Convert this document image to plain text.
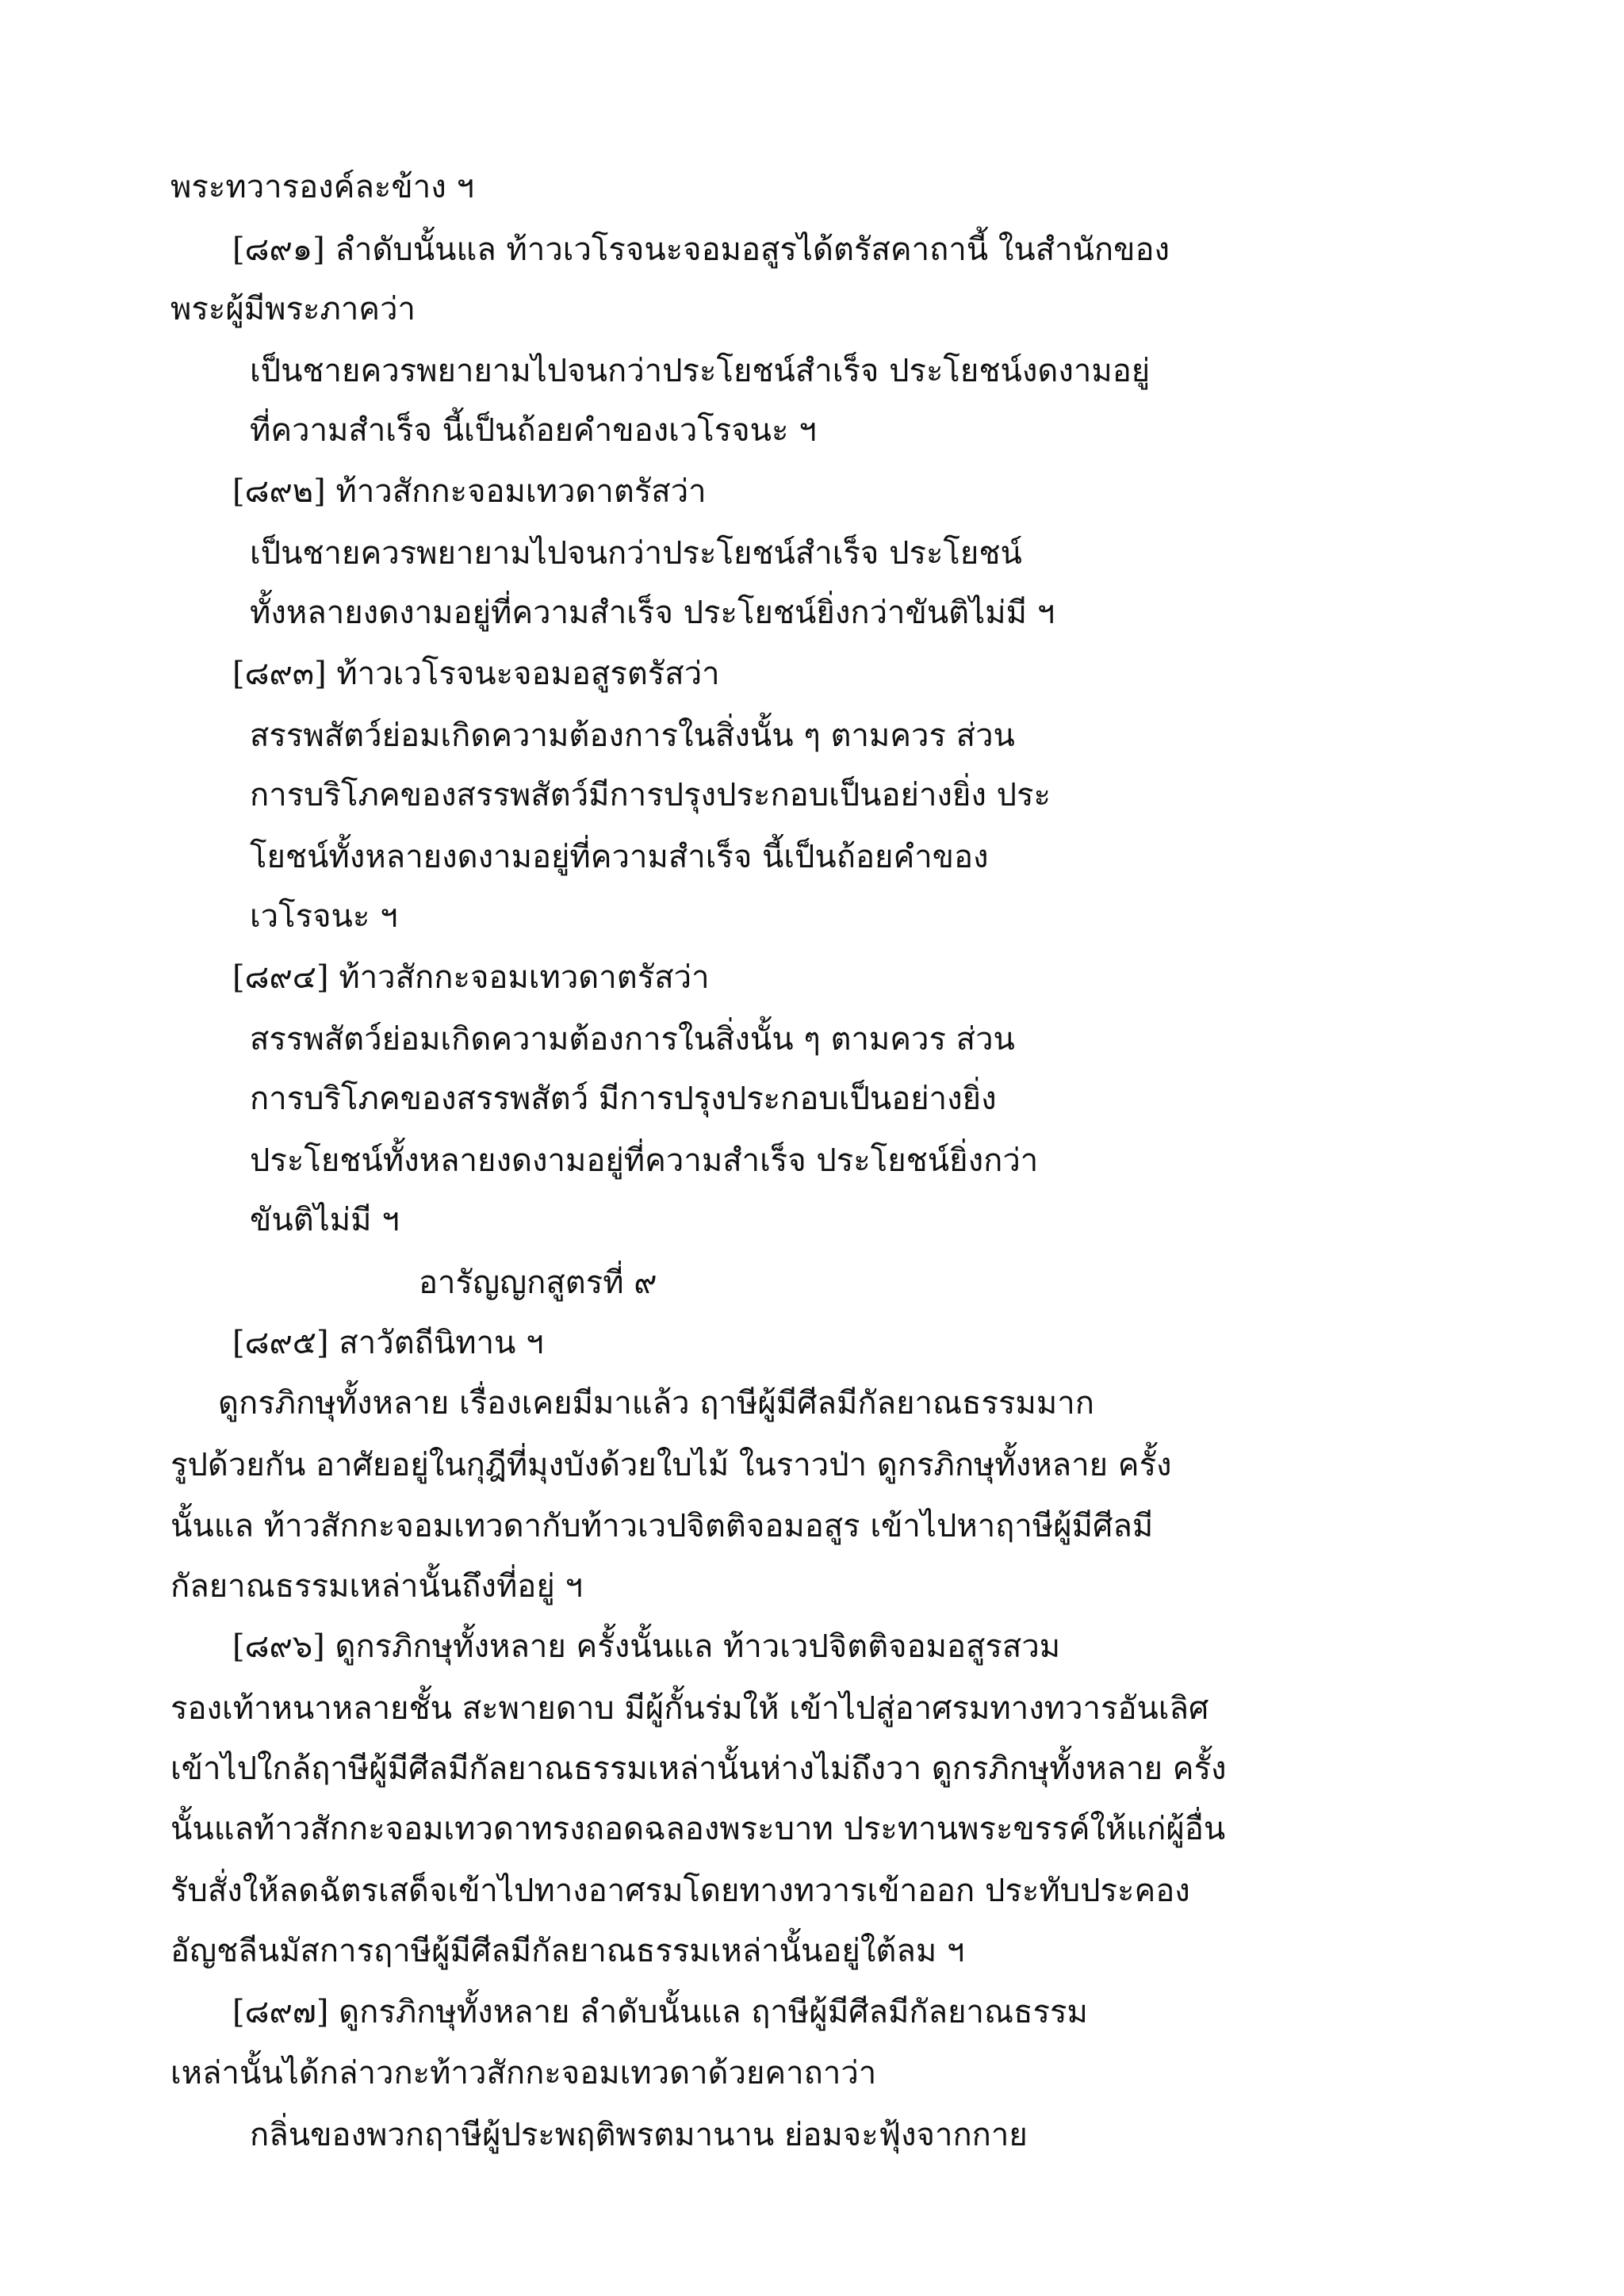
พระทวารองค์ละข้าง ฯ
[๘๙๑] ลำดับนั้นแล ท้าวเวโรจนะจอมอสูรได้ตรัสคาถานี้ ในสำนักของ
พระผู้มีพระภาคว่า
เป็นชายควรพยายามไปจนกว่าประโยชน์สำเร็จ ประโยชน์งดงามอยู่
ที่ความสำเร็จ นี้เป็นถ้อยคำของเวโรจนะ ฯ
[๘๙๒] ท้าวสักกะจอมเทวดาตรัสว่า
เป็นชายควรพยายามไปจนกว่าประโยชน์สำเร็จ ประโยชน์
ทั้งหลายงดงามอยู่ที่ความสำเร็จ ประโยชน์ยิ่งกว่าขันติไม่มี ฯ
[๘๙๓] ท้าวเวโรจนะจอมอสูรตรัสว่า
สรรพสัตว์ย่อมเกิดความต้องการในสิ่งนั้น ๆ ตามควร ส่วน
การบริโภคของสรรพสัตว์มีการปรุงประกอบเป็นอย่างยิ่ง ประ
โยชน์ทั้งหลายงดงามอยู่ที่ความสำเร็จ นี้เป็นถ้อยคำของ
เวโรจนะ ฯ
[๘๙๔] ท้าวสักกะจอมเทวดาตรัสว่า
สรรพสัตว์ย่อมเกิดความต้องการในสิ่งนั้น ๆ ตามควร ส่วน
การบริโภคของสรรพสัตว์ มีการปรุงประกอบเป็นอย่างยิ่ง
ประโยชน์ทั้งหลายงดงามอยู่ที่ความสำเร็จ ประโยชน์ยิ่งกว่า
ขันติไม่มี ฯ
อารัญญกสูตรที่ ๙
[๘๙๕] สาวัตถีนิทาน ฯ
ดูกรภิกษุทั้งหลาย เรื่องเคยมีมาแล้ว ฤาษีผู้มีศีลมีกัลยาณธรรมมาก
รูปด้วยกัน อาศัยอยู่ในกุฎีที่มุงบังด้วยใบไม้ ในราวป่า ดูกรภิกษุทั้งหลาย ครั้ง
นั้นแล ท้าวสักกะจอมเทวดากับท้าวเวปจิตติจอมอสูร เข้าไปหาฤาษีผู้มีศีลมี
กัลยาณธรรมเหล่านั้นถึงที่อยู่ ฯ
[๘๙๖] ดูกรภิกษุทั้งหลาย ครั้งนั้นแล ท้าวเวปจิตติจอมอสูรสวม
รองเท้าหนาหลายชั้น สะพายดาบ มีผู้กั้นร่มให้ เข้าไปสู่อาศรมทางทวารอันเลิศ
เข้าไปใกล้ฤาษีผู้มีศีลมีกัลยาณธรรมเหล่านั้นห่างไม่ถึงวา ดูกรภิกษุทั้งหลาย ครั้ง
นั้นแลท้าวสักกะจอมเทวดาทรงถอดฉลองพระบาท ประทานพระขรรค์ให้แก่ผู้อื่น
รับสั่งให้ลดฉัตรเสด็จเข้าไปทางอาศรมโดยทางทวารเข้าออก ประทับประคอง
อัญชลีนมัสการฤาษีผู้มีศีลมีกัลยาณธรรมเหล่านั้นอยู่ใต้ลม ฯ
[๘๙๗] ดูกรภิกษุทั้งหลาย ลำดับนั้นแล ฤาษีผู้มีศีลมีกัลยาณธรรม
เหล่านั้นได้กล่าวกะท้าวสักกะจอมเทวดาด้วยคาถาว่า
กลิ่นของพวกฤาษีผู้ประพฤติพรตมานาน ย่อมจะฟุ้งจากกาย
